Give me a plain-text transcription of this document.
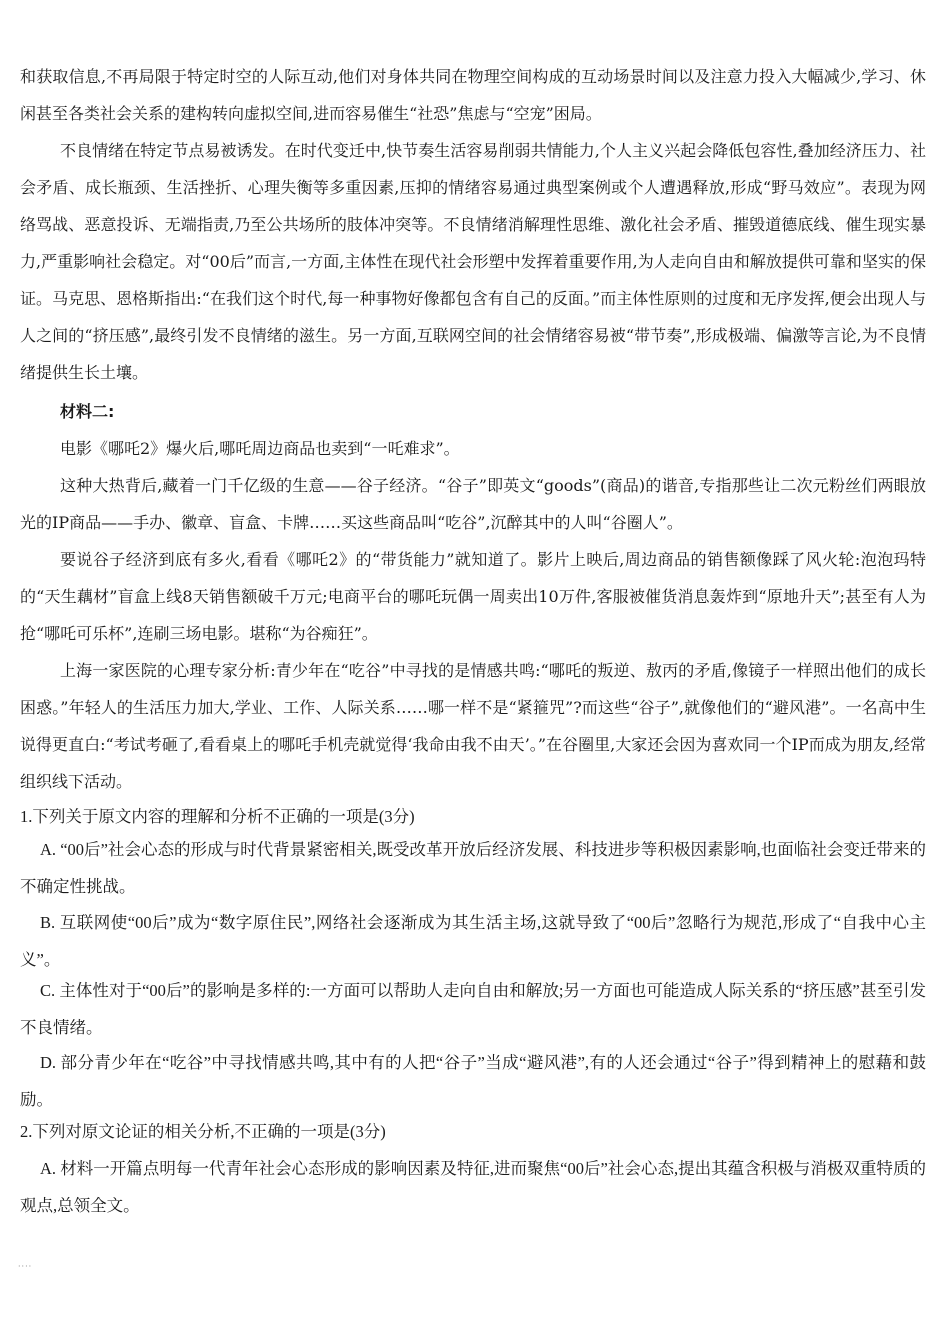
和获取信息,不再局限于特定时空的人际互动,他们对身体共同在物理空间构成的互动场景时间以及注意力投入大幅减少,学习、休闲甚至各类社会关系的建构转向虚拟空间,进而容易催生“社恐”焦虑与“空宠”困局。

不良情绪在特定节点易被诱发。在时代变迁中,快节奏生活容易削弱共情能力,个人主义兴起会降低包容性,叠加经济压力、社会矛盾、成长瓶颈、生活挫折、心理失衡等多重因素,压抑的情绪容易通过典型案例或个人遭遇释放,形成“野马效应”。表现为网络骂战、恶意投诉、无端指责,乃至公共场所的肢体冲突等。不良情绪消解理性思维、激化社会矛盾、摧毁道德底线、催生现实暴力,严重影响社会稳定。对“00后”而言,一方面,主体性在现代社会形塑中发挥着重要作用,为人走向自由和解放提供可靠和坚实的保证。马克思、恩格斯指出:“在我们这个时代,每一种事物好像都包含有自己的反面。”而主体性原则的过度和无序发挥,便会出现人与人之间的“挤压感”,最终引发不良情绪的滋生。另一方面,互联网空间的社会情绪容易被“带节奏”,形成极端、偏激等言论,为不良情绪提供生长土壤。

材料二:

电影《哪吒2》爆火后,哪吒周边商品也卖到“一吒难求”。

这种大热背后,藏着一门千亿级的生意——谷子经济。“谷子”即英文“goods”(商品)的谐音,专指那些让二次元粉丝们两眼放光的IP商品——手办、徽章、盲盒、卡牌……买这些商品叫“吃谷”,沉醉其中的人叫“谷圈人”。

要说谷子经济到底有多火,看看《哪吒2》的“带货能力”就知道了。影片上映后,周边商品的销售额像踩了风火轮:泡泡玛特的“天生藕材”盲盒上线8天销售额破千万元;电商平台的哪吒玩偶一周卖出10万件,客服被催货消息轰炸到“原地升天”;甚至有人为抢“哪吒可乐杯”,连刷三场电影。堪称“为谷痴狂”。

上海一家医院的心理专家分析:青少年在“吃谷”中寻找的是情感共鸣:“哪吒的叛逆、敖丙的矛盾,像镜子一样照出他们的成长困惑。”年轻人的生活压力加大,学业、工作、人际关系……哪一样不是“紧箍咒”?而这些“谷子”,就像他们的“避风港”。一名高中生说得更直白:“考试考砸了,看看桌上的哪吒手机壳就觉得‘我命由我不由天’。”在谷圈里,大家还会因为喜欢同一个IP而成为朋友,经常组织线下活动。

1.下列关于原文内容的理解和分析不正确的一项是(3分)

A. “00后”社会心态的形成与时代背景紧密相关,既受改革开放后经济发展、科技进步等积极因素影响,也面临社会变迁带来的不确定性挑战。

B. 互联网使“00后”成为“数字原住民”,网络社会逐渐成为其生活主场,这就导致了“00后”忽略行为规范,形成了“自我中心主义”。

C. 主体性对于“00后”的影响是多样的:一方面可以帮助人走向自由和解放;另一方面也可能造成人际关系的“挤压感”甚至引发不良情绪。

D. 部分青少年在“吃谷”中寻找情感共鸣,其中有的人把“谷子”当成“避风港”,有的人还会通过“谷子”得到精神上的慰藉和鼓励。

2.下列对原文论证的相关分析,不正确的一项是(3分)

A. 材料一开篇点明每一代青年社会心态形成的影响因素及特征,进而聚焦“00后”社会心态,提出其蕴含积极与消极双重特质的观点,总领全文。

····
